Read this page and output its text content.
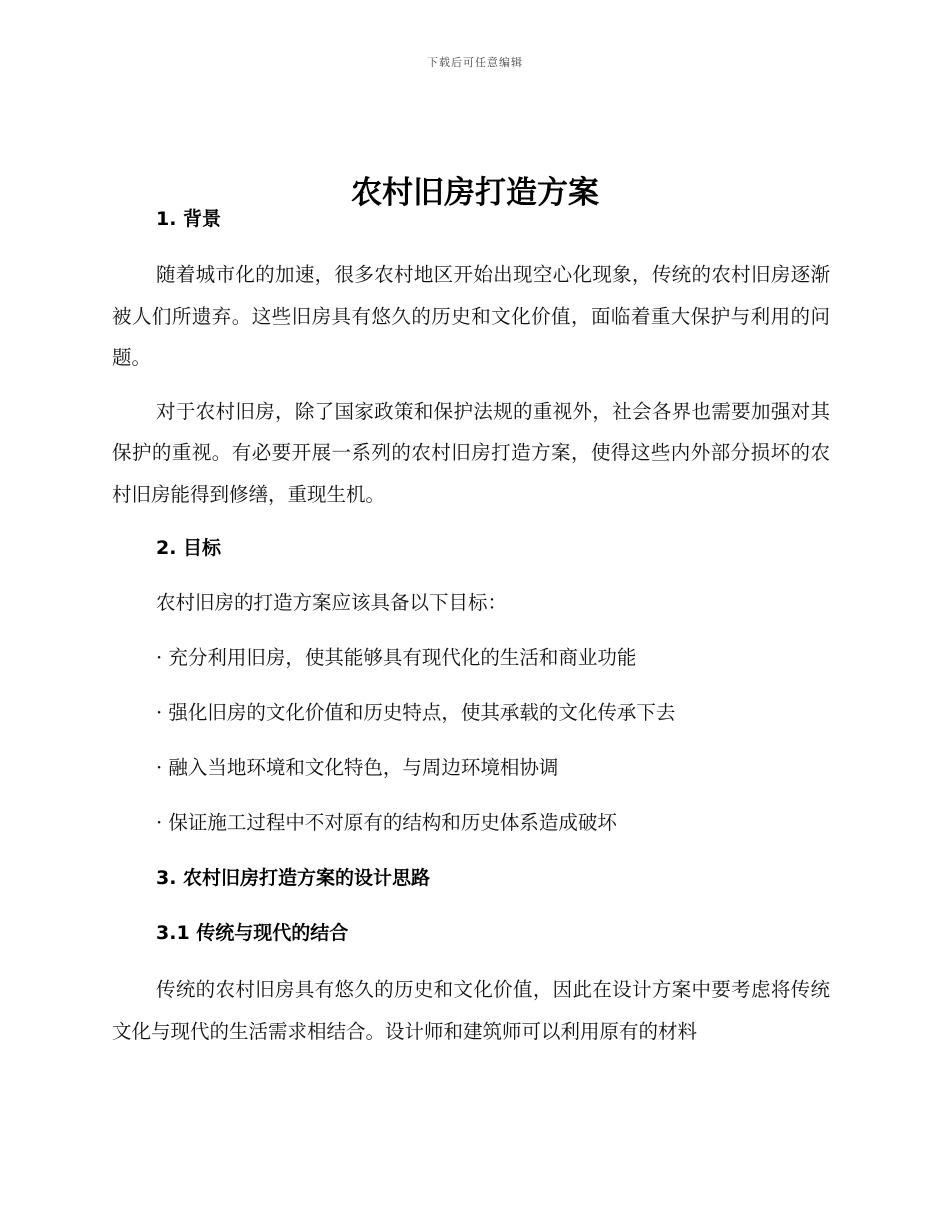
下载后可任意编辑
农村旧房打造方案
1. 背景

随着城市化的加速，很多农村地区开始出现空心化现象，传统的农村旧房逐渐被人们所遗弃。这些旧房具有悠久的历史和文化价值，面临着重大保护与利用的问题。

对于农村旧房，除了国家政策和保护法规的重视外，社会各界也需要加强对其保护的重视。有必要开展一系列的农村旧房打造方案，使得这些内外部分损坏的农村旧房能得到修缮，重现生机。

2. 目标

农村旧房的打造方案应该具备以下目标：

· 充分利用旧房，使其能够具有现代化的生活和商业功能

· 强化旧房的文化价值和历史特点，使其承载的文化传承下去

· 融入当地环境和文化特色，与周边环境相协调

· 保证施工过程中不对原有的结构和历史体系造成破坏

3. 农村旧房打造方案的设计思路
3.1 传统与现代的结合

传统的农村旧房具有悠久的历史和文化价值，因此在设计方案中要考虑将传统文化与现代的生活需求相结合。设计师和建筑师可以利用原有的材料
